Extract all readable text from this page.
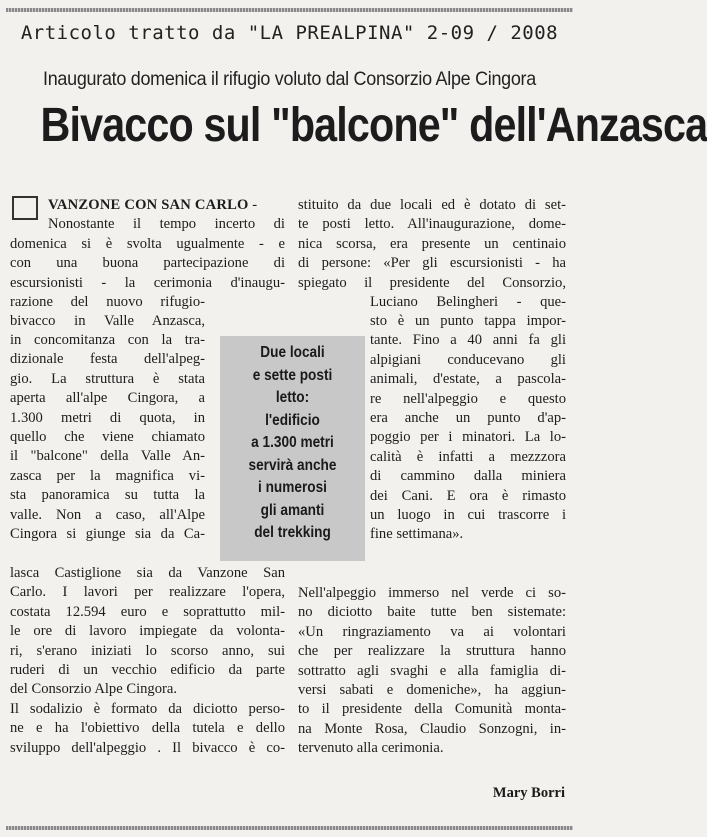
Articolo tratto da "LA PREALPINA" 2-09 / 2008
Inaugurato domenica il rifugio voluto dal Consorzio Alpe Cingora
Bivacco sul "balcone" dell'Anzasca
VANZONE CON SAN CARLO -
Nonostante il tempo incerto di
domenica si è svolta ugualmente - e
con una buona partecipazione di
escursionisti - la cerimonia d'inaugu-
razione del nuovo rifugio-
bivacco in Valle Anzasca,
in concomitanza con la tra-
dizionale festa dell'alpeg-
gio. La struttura è stata
aperta all'alpe Cingora, a
1.300 metri di quota, in
quello che viene chiamato
il "balcone" della Valle An-
zasca per la magnifica vi-
sta panoramica su tutta la
valle. Non a caso, all'Alpe
Cingora si giunge sia da Ca-
lasca Castiglione sia da Vanzone San
Carlo. I lavori per realizzare l'opera,
costata 12.594 euro e soprattutto mil-
le ore di lavoro impiegate da volonta-
ri, s'erano iniziati lo scorso anno, sui
ruderi di un vecchio edificio da parte
del Consorzio Alpe Cingora.
Il sodalizio è formato da diciotto perso-
ne e ha l'obiettivo della tutela e dello
sviluppo dell'alpeggio . Il bivacco è co-
Due locali
e sette posti
letto:
l'edificio
a 1.300 metri
servirà anche
i numerosi
gli amanti
del trekking
stituito da due locali ed è dotato di set-
te posti letto. All'inaugurazione, dome-
nica scorsa, era presente un centinaio
di persone: «Per gli escursionisti - ha
spiegato il presidente del Consorzio,
Luciano Belingheri - que-
sto è un punto tappa impor-
tante. Fino a 40 anni fa gli
alpigiani conducevano gli
animali, d'estate, a pascola-
re nell'alpeggio e questo
era anche un punto d'ap-
poggio per i minatori. La lo-
calità è infatti a mezzzora
di cammino dalla miniera
dei Cani. E ora è rimasto
un luogo in cui trascorre i
fine settimana».
Nell'alpeggio immerso nel verde ci so-
no diciotto baite tutte ben sistemate:
«Un ringraziamento va ai volontari
che per realizzare la struttura hanno
sottratto agli svaghi e alla famiglia di-
versi sabati e domeniche», ha aggiun-
to il presidente della Comunità monta-
na Monte Rosa, Claudio Sonzogni, in-
tervenuto alla cerimonia.
Mary Borri
